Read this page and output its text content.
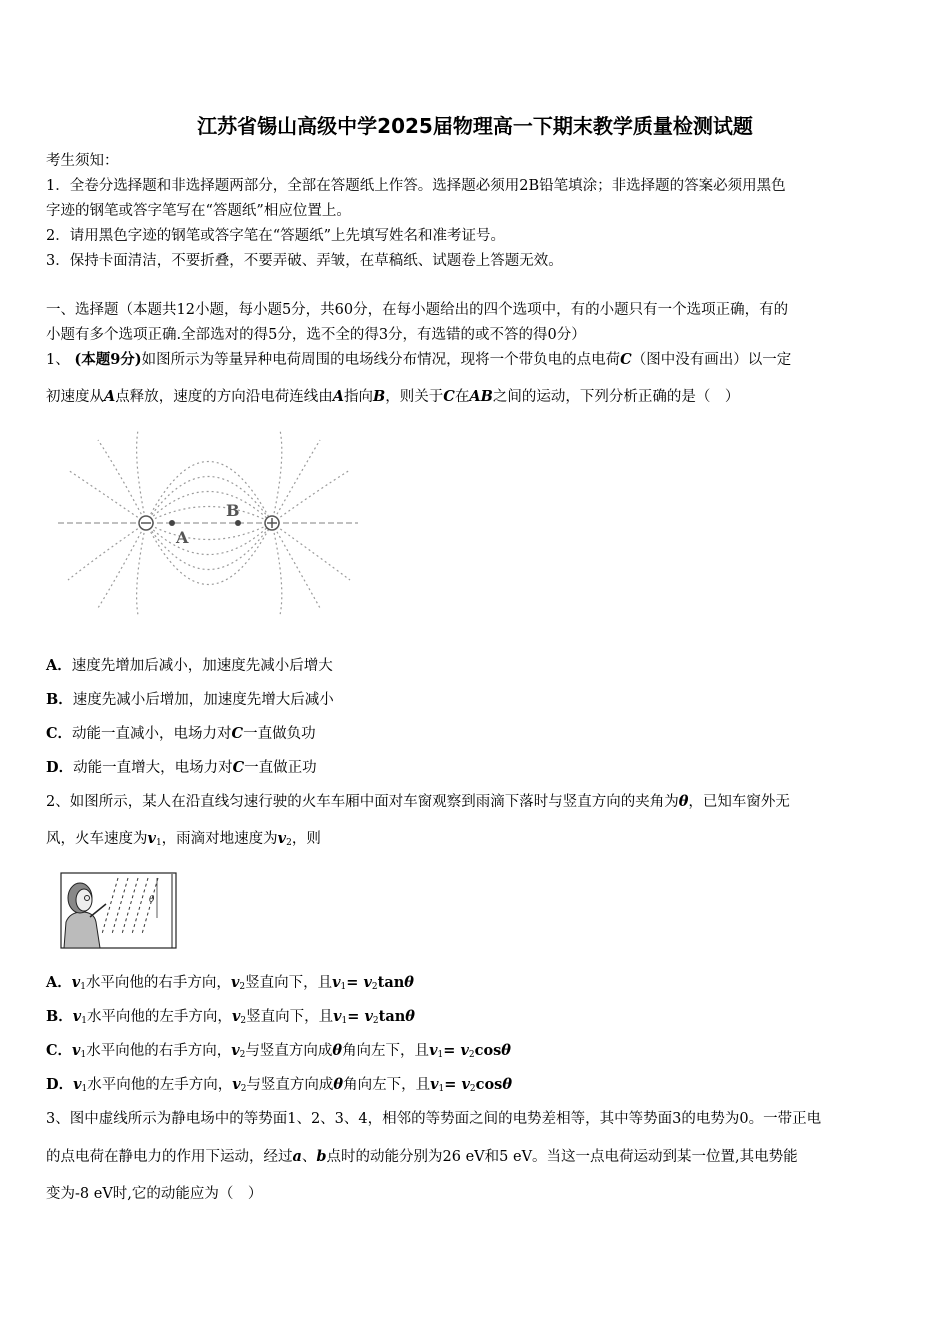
江苏省锡山高级中学2025届物理高一下期末教学质量检测试题
考生须知：
1．全卷分选择题和非选择题两部分，全部在答题纸上作答。选择题必须用2B铅笔填涂；非选择题的答案必须用黑色
字迹的钢笔或答字笔写在“答题纸”相应位置上。
2．请用黑色字迹的钢笔或答字笔在“答题纸”上先填写姓名和准考证号。
3．保持卡面清洁，不要折叠，不要弄破、弄皱，在草稿纸、试题卷上答题无效。
一、选择题（本题共12小题，每小题5分，共60分，在每小题给出的四个选项中，有的小题只有一个选项正确，有的
小题有多个选项正确.全部选对的得5分，选不全的得3分，有选错的或不答的得0分）
1、 (本题9分)如图所示为等量异种电荷周围的电场线分布情况，现将一个带负电的点电荷C（图中没有画出）以一定
初速度从A点释放，速度的方向沿电荷连线由A指向B，则关于C在AB之间的运动，下列分析正确的是（　）
A
B
A．速度先增加后减小，加速度先减小后增大
B．速度先减小后增加，加速度先增大后减小
C．动能一直减小，电场力对C一直做负功
D．动能一直增大，电场力对C一直做正功
2、如图所示，某人在沿直线匀速行驶的火车车厢中面对车窗观察到雨滴下落时与竖直方向的夹角为θ，已知车窗外无
风，火车速度为$v_1$，雨滴对地速度为$v_2$，则
θ
A．$v_1$水平向他的右手方向，$v_2$竖直向下，且$v_1= v_2\tan\theta$
B．$v_1$水平向他的左手方向，$v_2$竖直向下，且$v_1= v_2\tan\theta$
C．$v_1$水平向他的右手方向，$v_2$与竖直方向成θ角向左下，且$v_1= v_2\cos\theta$
D．$v_1$水平向他的左手方向，$v_2$与竖直方向成θ角向左下，且$v_1= v_2\cos\theta$
3、图中虚线所示为静电场中的等势面1、2、3、4，相邻的等势面之间的电势差相等，其中等势面3的电势为0。一带正电
的点电荷在静电力的作用下运动，经过a、b点时的动能分别为26 eV和5 eV。当这一点电荷运动到某一位置,其电势能
变为-8 eV时,它的动能应为（　）
